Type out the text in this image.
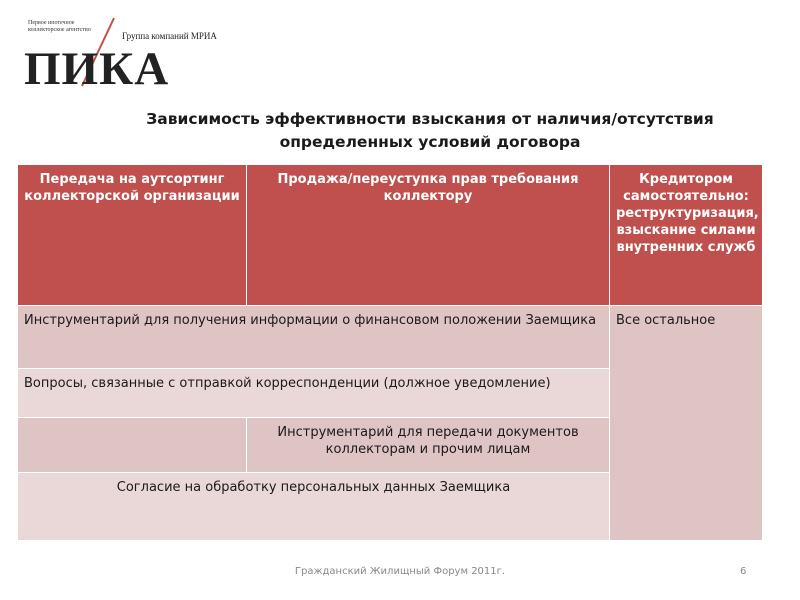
Первое ипотечное коллекторское агентство
Группа компаний МРИА
ПИКА
Зависимость эффективности взыскания от наличия/отсутствия определенных условий договора
Передача на аутсортинг коллекторской организации
Продажа/переуступка прав требования коллектору
Кредитором самостоятельно: реструктуризация, взыскание силами внутренних служб
Инструментарий для получения информации о финансовом положении Заемщика	Все остальное
Вопросы, связанные с отправкой корреспонденции (должное уведомление)
Инструментарий для передачи документов коллекторам и прочим лицам
Согласие на обработку персональных данных Заемщика
Гражданский Жилищный Форум 2011г.	6
